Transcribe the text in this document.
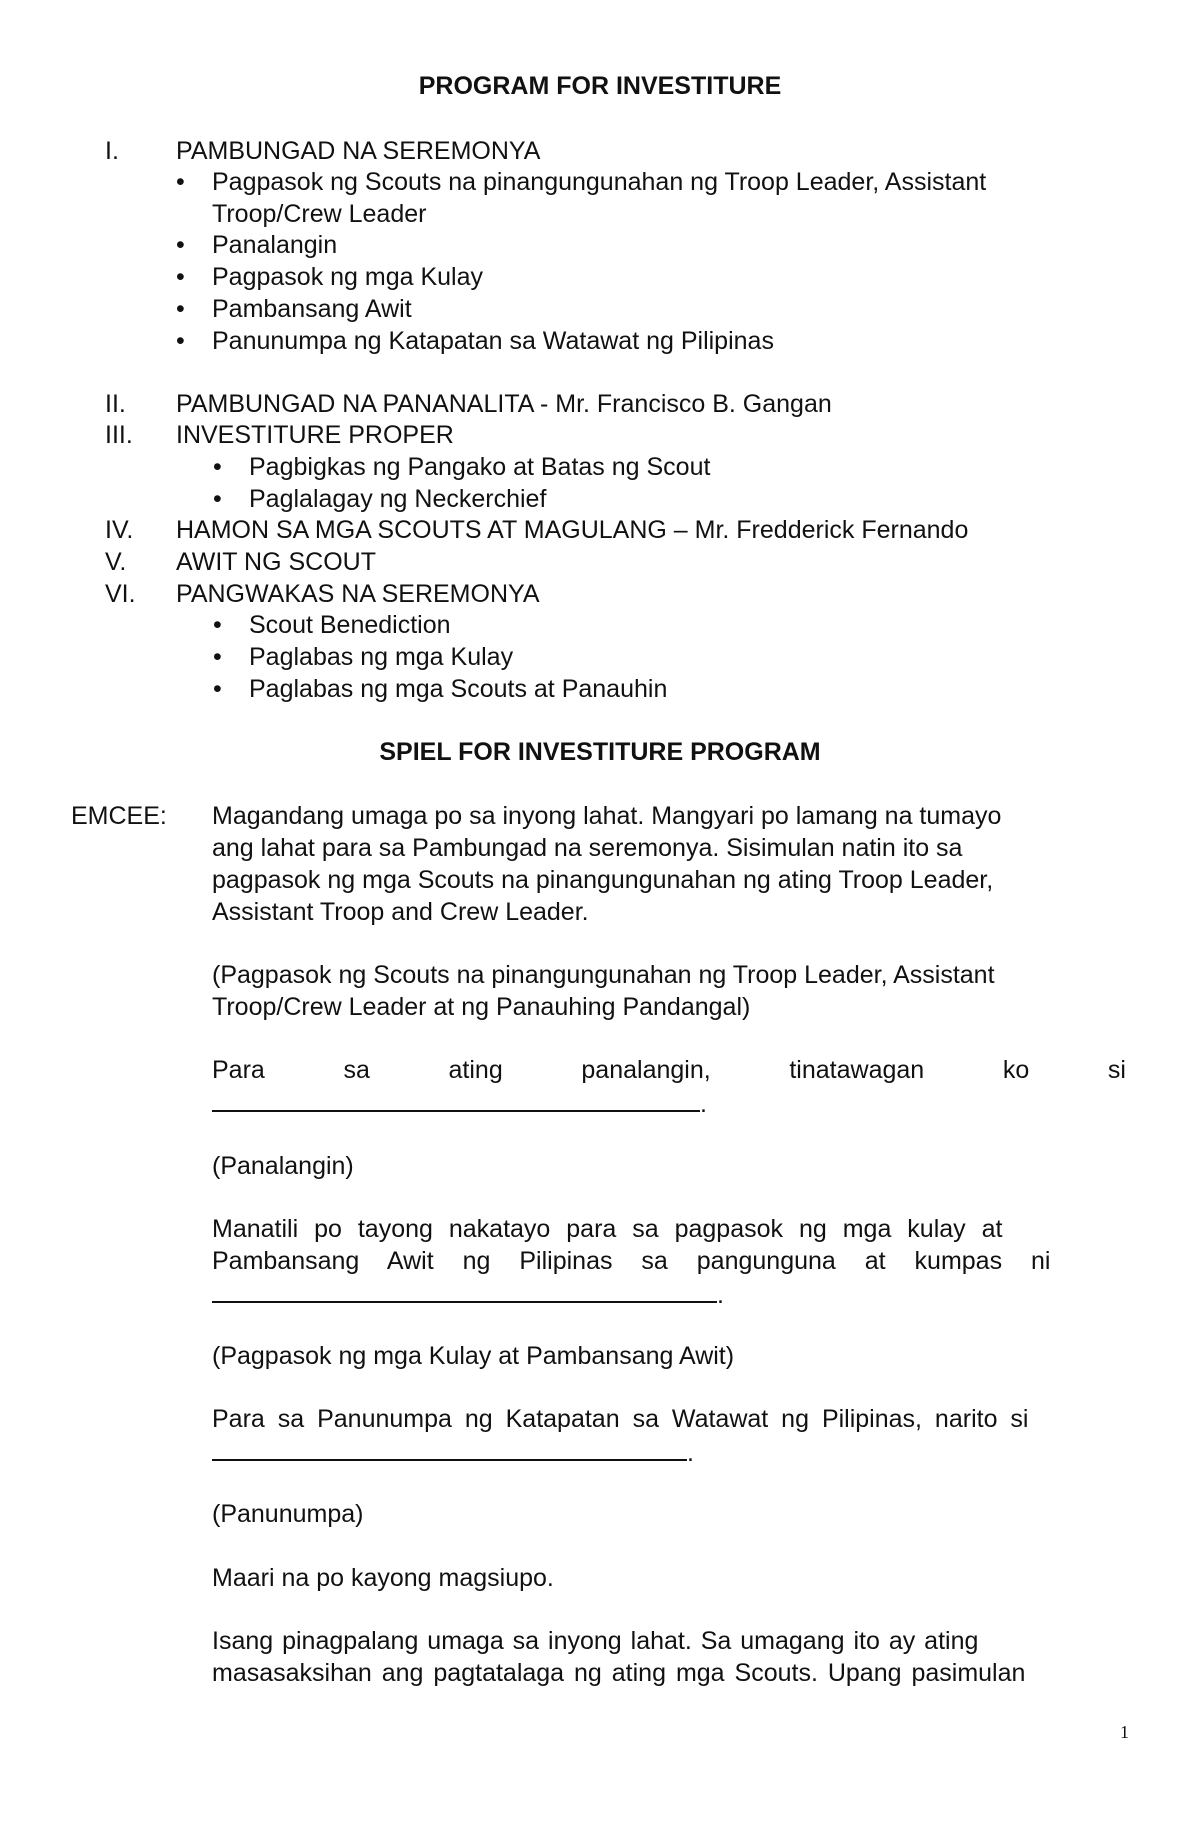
PROGRAM FOR INVESTITURE
I. PAMBUNGAD NA SEREMONYA
• Pagpasok ng Scouts na pinangungunahan ng Troop Leader, Assistant
Troop/Crew Leader
• Panalangin
• Pagpasok ng mga Kulay
• Pambansang Awit
• Panunumpa ng Katapatan sa Watawat ng Pilipinas
II. PAMBUNGAD NA PANANALITA - Mr. Francisco B. Gangan
III. INVESTITURE PROPER
• Pagbigkas ng Pangako at Batas ng Scout
• Paglalagay ng Neckerchief
IV. HAMON SA MGA SCOUTS AT MAGULANG – Mr. Fredderick Fernando
V. AWIT NG SCOUT
VI. PANGWAKAS NA SEREMONYA
• Scout Benediction
• Paglabas ng mga Kulay
• Paglabas ng mga Scouts at Panauhin
SPIEL FOR INVESTITURE PROGRAM
EMCEE: Magandang umaga po sa inyong lahat. Mangyari po lamang na tumayo
ang lahat para sa Pambungad na seremonya. Sisimulan natin ito sa
pagpasok ng mga Scouts na pinangungunahan ng ating Troop Leader,
Assistant Troop and Crew Leader.
(Pagpasok ng Scouts na pinangungunahan ng Troop Leader, Assistant
Troop/Crew Leader at ng Panauhing Pandangal)
Para	sa	ating	panalangin,	tinatawagan	ko	si
.
(Panalangin)
Manatili po tayong nakatayo para sa pagpasok ng mga kulay at
Pambansang Awit ng Pilipinas sa pangunguna at kumpas ni
.
(Pagpasok ng mga Kulay at Pambansang Awit)
Para sa Panunumpa ng Katapatan sa Watawat ng Pilipinas, narito si
.
(Panunumpa)
Maari na po kayong magsiupo.
Isang pinagpalang umaga sa inyong lahat. Sa umagang ito ay ating
masasaksihan ang pagtatalaga ng ating mga Scouts. Upang pasimulan
1
